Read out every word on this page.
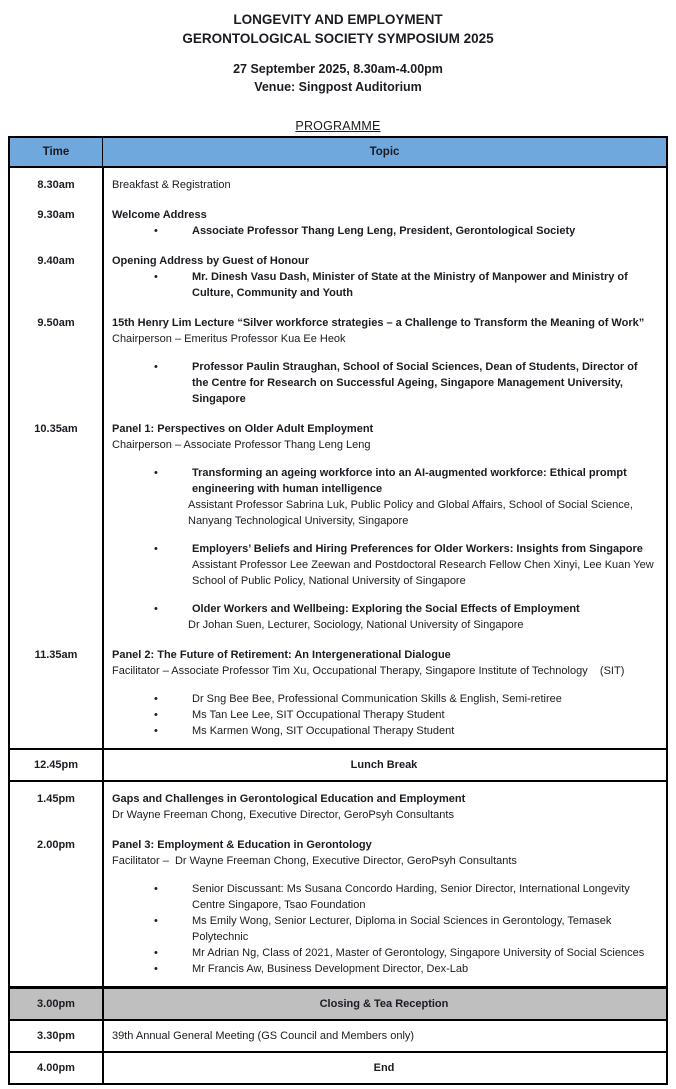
LONGEVITY AND EMPLOYMENT
GERONTOLOGICAL SOCIETY SYMPOSIUM 2025
27 September 2025, 8.30am-4.00pm
Venue: Singpost Auditorium
PROGRAMME
Time	Topic
8.30am	Breakfast & Registration
9.30am	Welcome Address
•	Associate Professor Thang Leng Leng, President, Gerontological Society
9.40am	Opening Address by Guest of Honour
•	Mr. Dinesh Vasu Dash, Minister of State at the Ministry of Manpower and Ministry of Culture, Community and Youth
9.50am	15th Henry Lim Lecture “Silver workforce strategies – a Challenge to Transform the Meaning of Work”
Chairperson – Emeritus Professor Kua Ee Heok
•	Professor Paulin Straughan, School of Social Sciences, Dean of Students, Director of the Centre for Research on Successful Ageing, Singapore Management University, Singapore
10.35am	Panel 1: Perspectives on Older Adult Employment
Chairperson – Associate Professor Thang Leng Leng
•	Transforming an ageing workforce into an AI-augmented workforce: Ethical prompt engineering with human intelligence
Assistant Professor Sabrina Luk, Public Policy and Global Affairs, School of Social Science,  Nanyang Technological University, Singapore
•	Employers’ Beliefs and Hiring Preferences for Older Workers: Insights from Singapore Assistant Professor Lee Zeewan and Postdoctoral Research Fellow Chen Xinyi, Lee Kuan Yew School of Public Policy, National University of Singapore
•	Older Workers and Wellbeing: Exploring the Social Effects of Employment
Dr Johan Suen, Lecturer, Sociology, National University of Singapore
11.35am	Panel 2: The Future of Retirement: An Intergenerational Dialogue
Facilitator – Associate Professor Tim Xu, Occupational Therapy, Singapore Institute of Technology    (SIT)
•	Dr Sng Bee Bee, Professional Communication Skills & English, Semi-retiree
•	Ms Tan Lee Lee, SIT Occupational Therapy Student
•	Ms Karmen Wong, SIT Occupational Therapy Student
12.45pm	Lunch Break
1.45pm	Gaps and Challenges in Gerontological Education and Employment
Dr Wayne Freeman Chong, Executive Director, GeroPsyh Consultants
2.00pm	Panel 3: Employment & Education in Gerontology
Facilitator –  Dr Wayne Freeman Chong, Executive Director, GeroPsyh Consultants
•	Senior Discussant: Ms Susana Concordo Harding, Senior Director, International Longevity Centre Singapore, Tsao Foundation
•	Ms Emily Wong, Senior Lecturer, Diploma in Social Sciences in Gerontology, Temasek Polytechnic
•	Mr Adrian Ng, Class of 2021, Master of Gerontology, Singapore University of Social Sciences
•	Mr Francis Aw, Business Development Director, Dex-Lab
3.00pm	Closing & Tea Reception
3.30pm	39th Annual General Meeting (GS Council and Members only)
4.00pm	End
